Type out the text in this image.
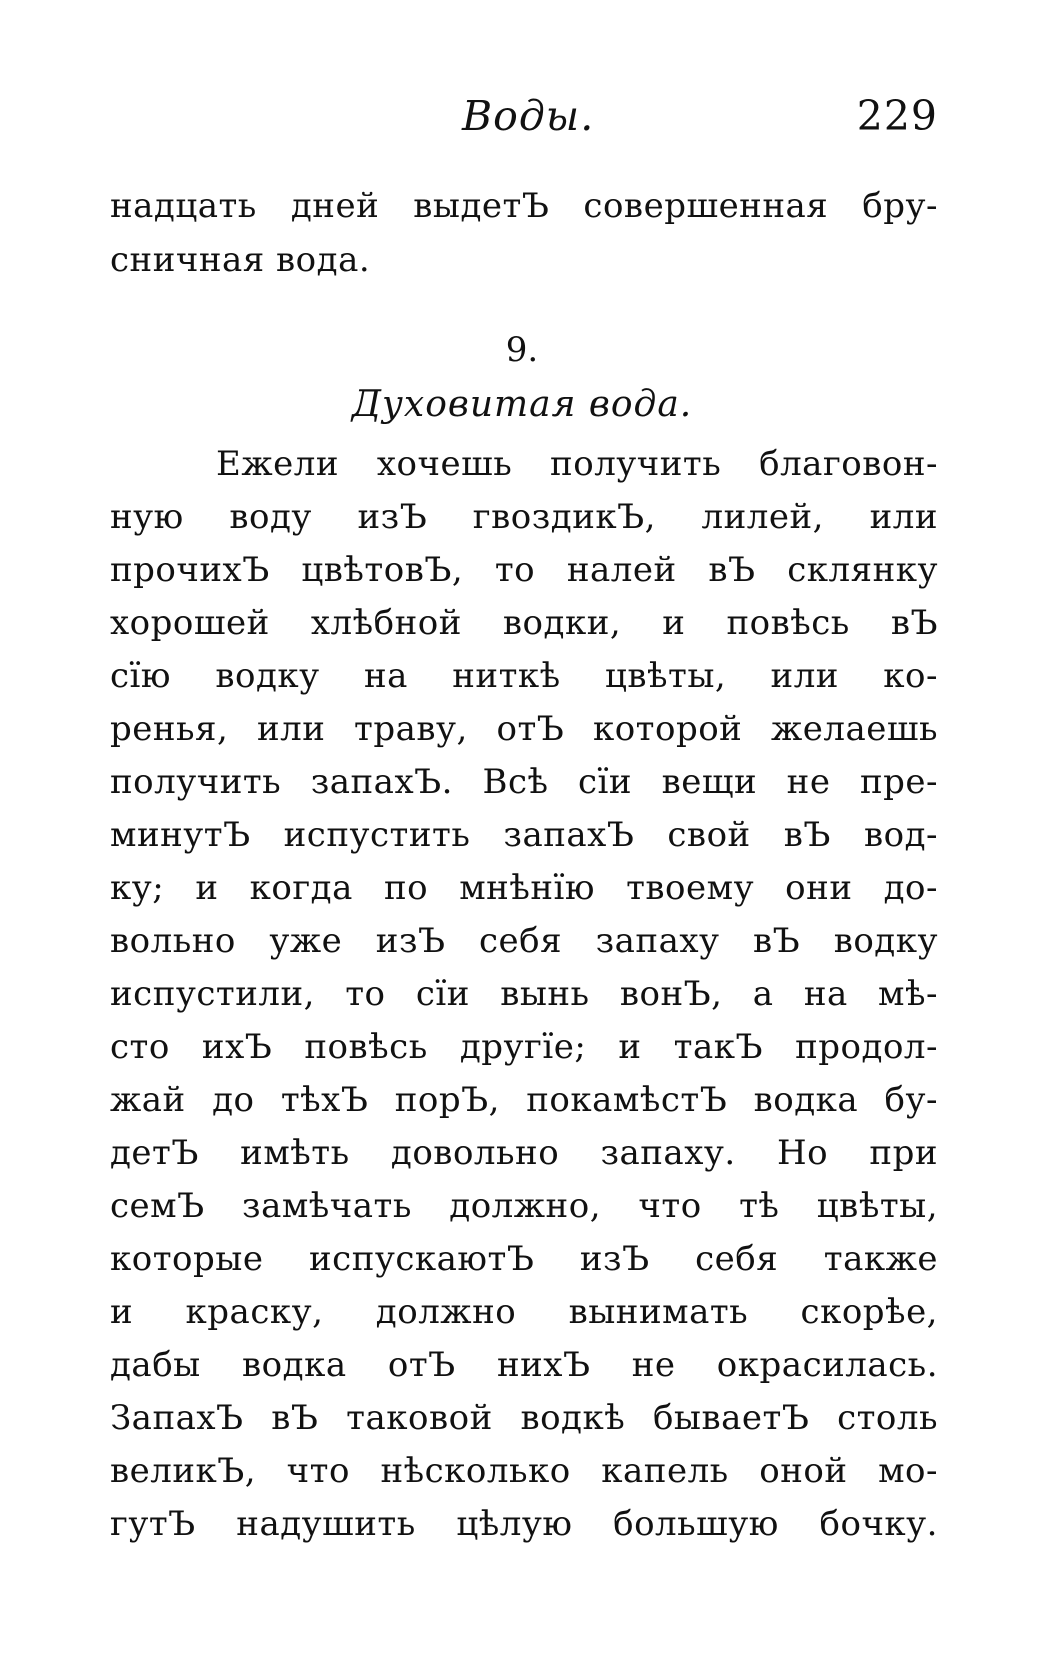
Воды.	229
надцать дней выдетЪ совершенная бру-
сничная вода.
9.
Духовитая вода.
Ежели хочешь получить благовон-
ную воду изЪ гвоздикЪ, лилей, или
прочихЪ цвѣтовЪ, то налей вЪ склянку
хорошей хлѣбной водки, и повѣсь вЪ
сїю водку на ниткѣ цвѣты, или ко-
ренья, или траву, отЪ которой желаешь
получить запахЪ. Всѣ сїи вещи не пре-
минутЪ испустить запахЪ свой вЪ вод-
ку; и когда по мнѣнїю твоему они до-
вольно уже изЪ себя запаху вЪ водку
испустили, то сїи вынь вонЪ, а на мѣ-
сто ихЪ повѣсь другїе; и такЪ продол-
жай до тѣхЪ порЪ, покамѣстЪ водка бу-
детЪ имѣть довольно запаху. Но при
семЪ замѣчать должно, что тѣ цвѣты,
которые испускаютЪ изЪ себя также
и краску, должно вынимать скорѣе,
дабы водка отЪ нихЪ не окрасилась.
ЗапахЪ вЪ таковой водкѣ бываетЪ столь
великЪ, что нѣсколько капель оной мо-
гутЪ надушить цѣлую большую бочку.
